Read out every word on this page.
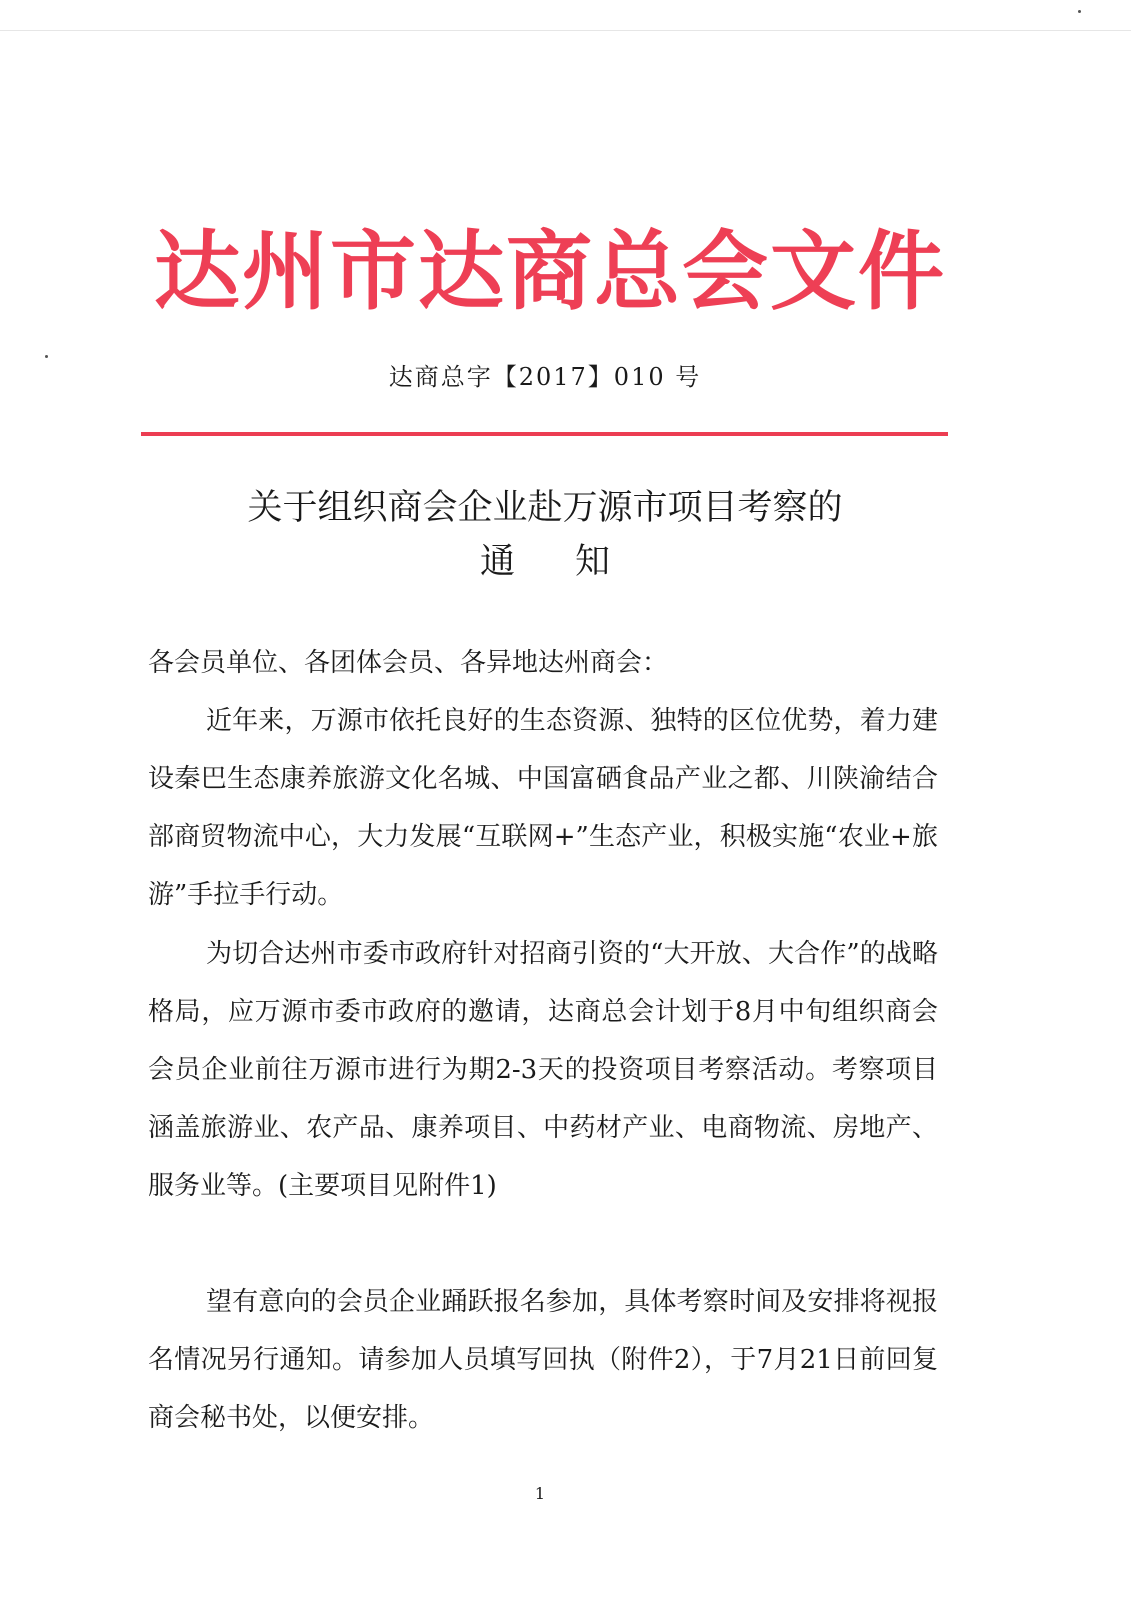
达州市达商总会文件
达商总字【2017】010 号
关于组织商会企业赴万源市项目考察的
通知
各会员单位、各团体会员、各异地达州商会：
近年来，万源市依托良好的生态资源、独特的区位优势，着力建设秦巴生态康养旅游文化名城、中国富硒食品产业之都、川陕渝结合部商贸物流中心，大力发展“互联网+”生态产业，积极实施“农业+旅游”手拉手行动。
为切合达州市委市政府针对招商引资的“大开放、大合作”的战略格局，应万源市委市政府的邀请，达商总会计划于8月中旬组织商会会员企业前往万源市进行为期2-3天的投资项目考察活动。考察项目涵盖旅游业、农产品、康养项目、中药材产业、电商物流、房地产、服务业等。(主要项目见附件1)
望有意向的会员企业踊跃报名参加，具体考察时间及安排将视报名情况另行通知。请参加人员填写回执（附件2），于7月21日前回复商会秘书处，以便安排。
1
